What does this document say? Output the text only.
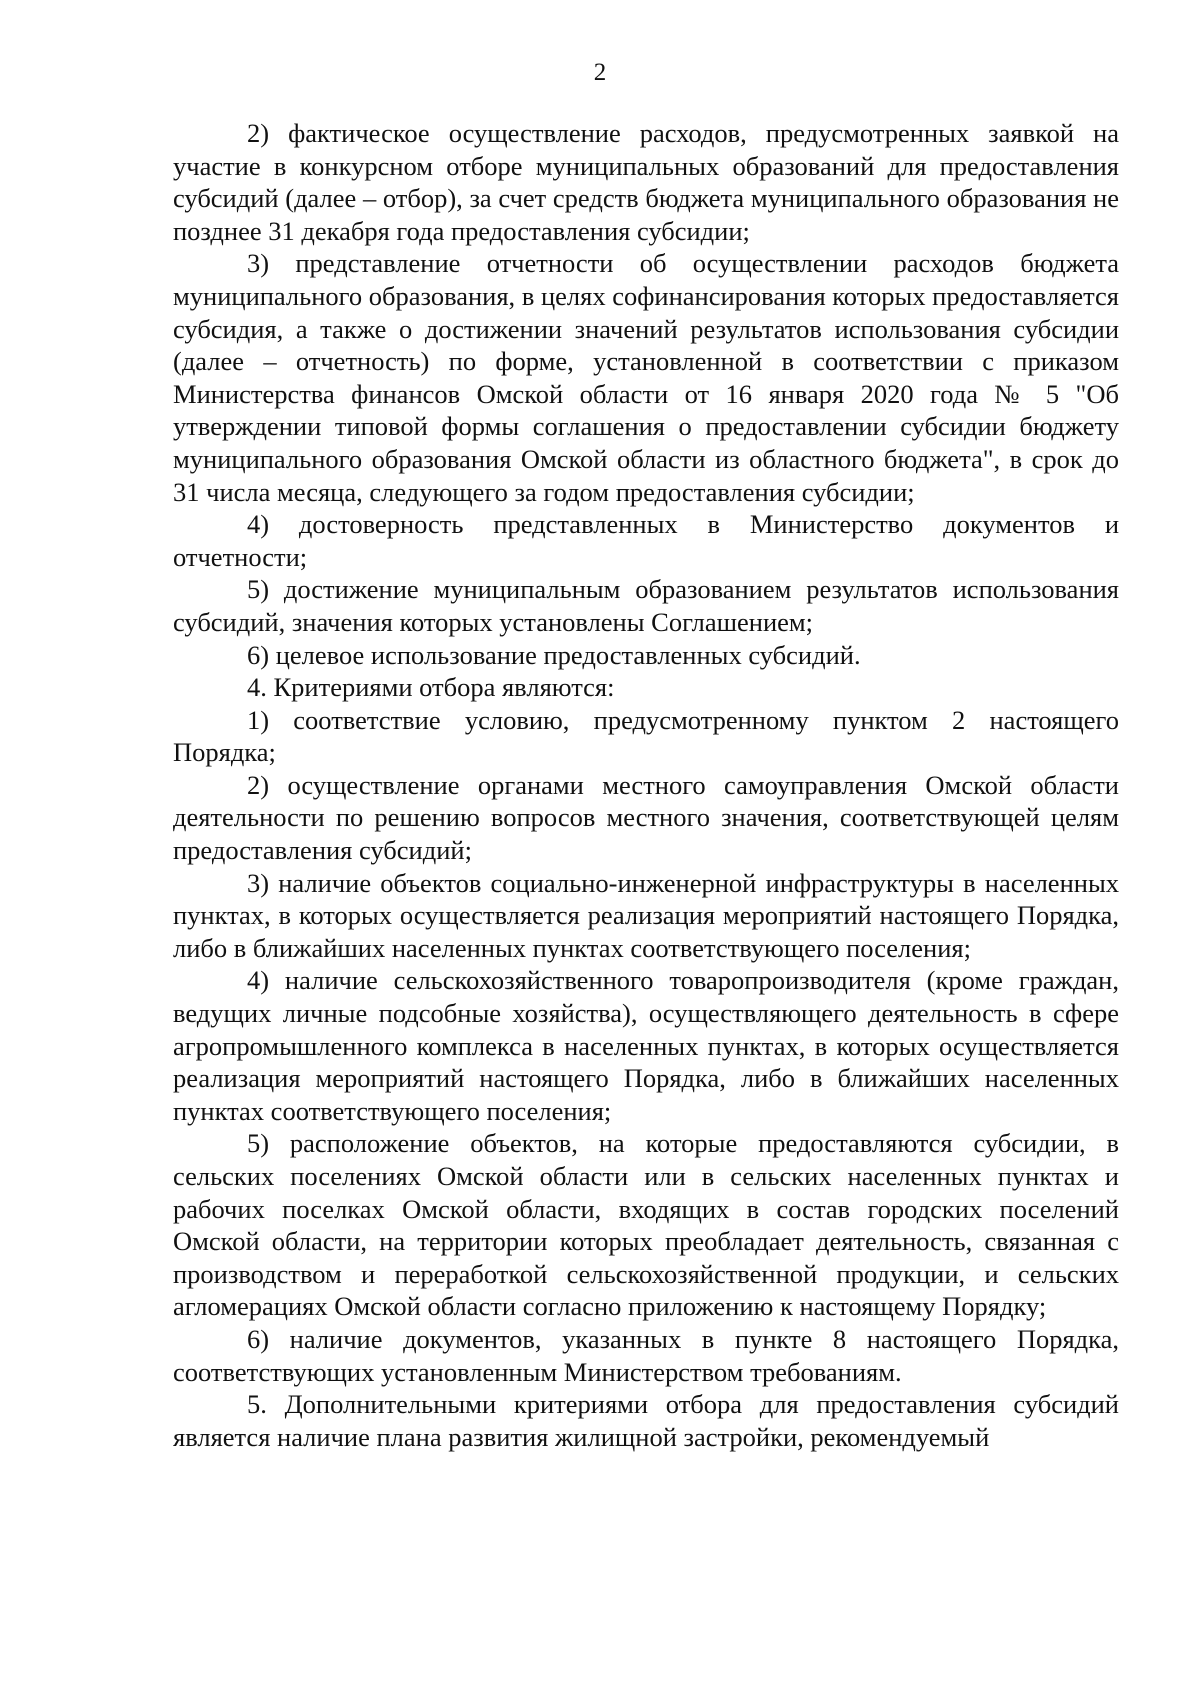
2

2) фактическое осуществление расходов, предусмотренных заявкой на участие в конкурсном отборе муниципальных образований для предоставления субсидий (далее – отбор), за счет средств бюджета муниципального образования не позднее 31 декабря года предоставления субсидии;

3) представление отчетности об осуществлении расходов бюджета муниципального образования, в целях софинансирования которых предоставляется субсидия, а также о достижении значений результатов использования субсидии (далее – отчетность) по форме, установленной в соответствии с приказом Министерства финансов Омской области от 16 января 2020 года № 5 "Об утверждении типовой формы соглашения о предоставлении субсидии бюджету муниципального образования Омской области из областного бюджета", в срок до 31 числа месяца, следующего за годом предоставления субсидии;

4) достоверность представленных в Министерство документов и отчетности;

5) достижение муниципальным образованием результатов использования субсидий, значения которых установлены Соглашением;

6) целевое использование предоставленных субсидий.

4. Критериями отбора являются:

1) соответствие условию, предусмотренному пунктом 2 настоящего Порядка;

2) осуществление органами местного самоуправления Омской области деятельности по решению вопросов местного значения, соответствующей целям предоставления субсидий;

3) наличие объектов социально-инженерной инфраструктуры в населенных пунктах, в которых осуществляется реализация мероприятий настоящего Порядка, либо в ближайших населенных пунктах соответствующего поселения;

4) наличие сельскохозяйственного товаропроизводителя (кроме граждан, ведущих личные подсобные хозяйства), осуществляющего деятельность в сфере агропромышленного комплекса в населенных пунктах, в которых осуществляется реализация мероприятий настоящего Порядка, либо в ближайших населенных пунктах соответствующего поселения;

5) расположение объектов, на которые предоставляются субсидии, в сельских поселениях Омской области или в сельских населенных пунктах и рабочих поселках Омской области, входящих в состав городских поселений Омской области, на территории которых преобладает деятельность, связанная с производством и переработкой сельскохозяйственной продукции, и сельских агломерациях Омской области согласно приложению к настоящему Порядку;

6) наличие документов, указанных в пункте 8 настоящего Порядка, соответствующих установленным Министерством требованиям.

5. Дополнительными критериями отбора для предоставления субсидий является наличие плана развития жилищной застройки, рекомендуемый
